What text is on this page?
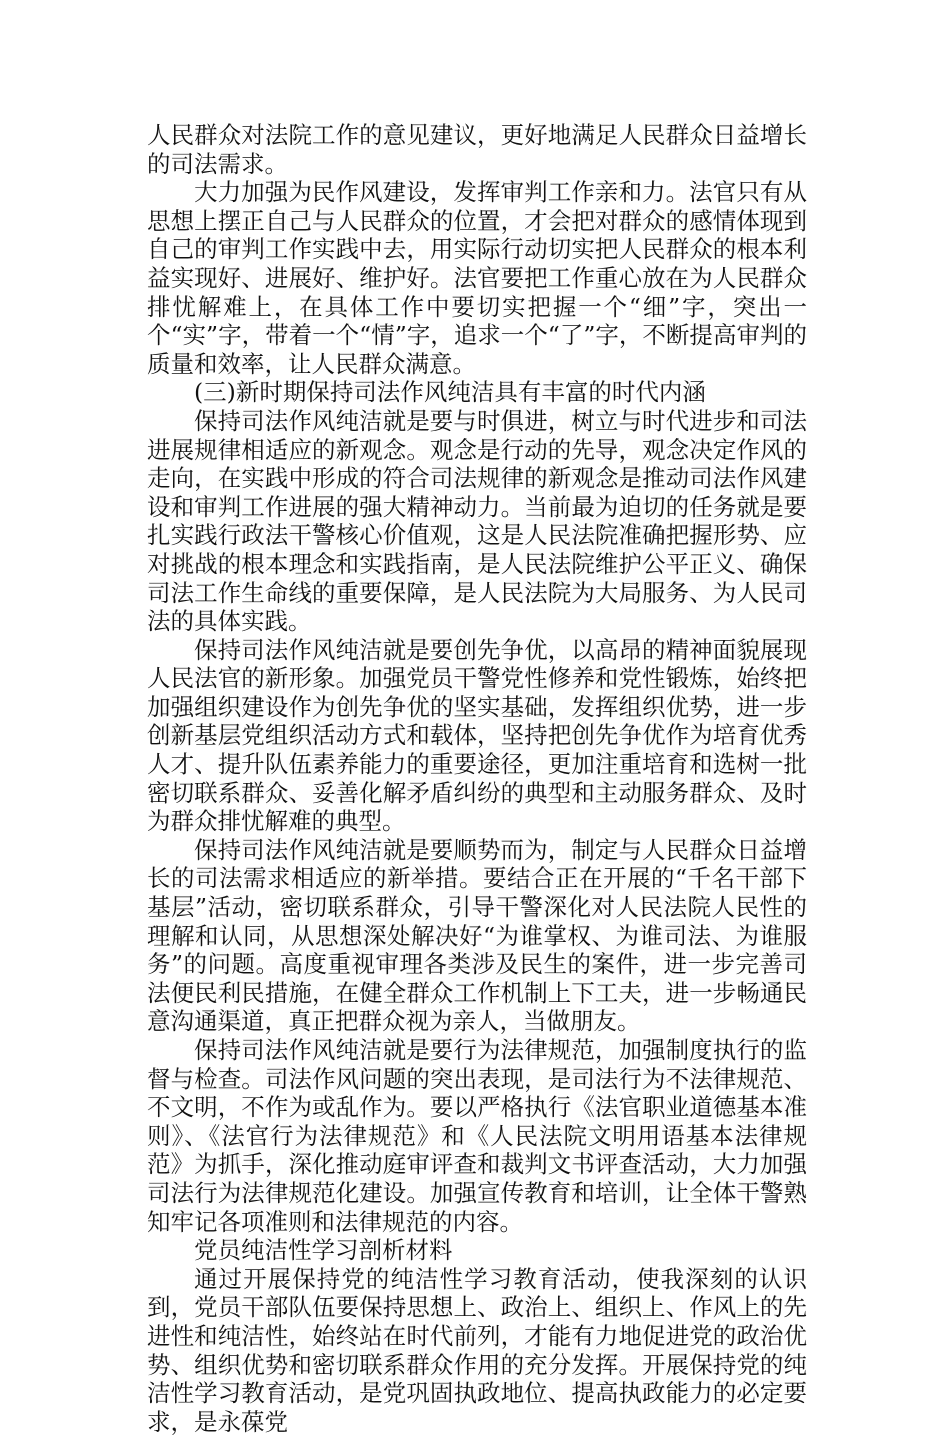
人民群众对法院工作的意见建议，更好地满足人民群众日益增长的司法需求。

大力加强为民作风建设，发挥审判工作亲和力。法官只有从思想上摆正自己与人民群众的位置，才会把对群众的感情体现到自己的审判工作实践中去，用实际行动切实把人民群众的根本利益实现好、进展好、维护好。法官要把工作重心放在为人民群众排忧解难上，在具体工作中要切实把握一个“细”字，突出一个“实”字，带着一个“情”字，追求一个“了”字，不断提高审判的质量和效率，让人民群众满意。

(三)新时期保持司法作风纯洁具有丰富的时代内涵

保持司法作风纯洁就是要与时俱进，树立与时代进步和司法进展规律相适应的新观念。观念是行动的先导，观念决定作风的走向，在实践中形成的符合司法规律的新观念是推动司法作风建设和审判工作进展的强大精神动力。当前最为迫切的任务就是要扎实践行政法干警核心价值观，这是人民法院准确把握形势、应对挑战的根本理念和实践指南，是人民法院维护公平正义、确保司法工作生命线的重要保障，是人民法院为大局服务、为人民司法的具体实践。

保持司法作风纯洁就是要创先争优，以高昂的精神面貌展现人民法官的新形象。加强党员干警党性修养和党性锻炼，始终把加强组织建设作为创先争优的坚实基础，发挥组织优势，进一步创新基层党组织活动方式和载体，坚持把创先争优作为培育优秀人才、提升队伍素养能力的重要途径，更加注重培育和选树一批密切联系群众、妥善化解矛盾纠纷的典型和主动服务群众、及时为群众排忧解难的典型。

保持司法作风纯洁就是要顺势而为，制定与人民群众日益增长的司法需求相适应的新举措。要结合正在开展的“千名干部下基层”活动，密切联系群众，引导干警深化对人民法院人民性的理解和认同，从思想深处解决好“为谁掌权、为谁司法、为谁服务”的问题。高度重视审理各类涉及民生的案件，进一步完善司法便民利民措施，在健全群众工作机制上下工夫，进一步畅通民意沟通渠道，真正把群众视为亲人，当做朋友。

保持司法作风纯洁就是要行为法律规范，加强制度执行的监督与检查。司法作风问题的突出表现，是司法行为不法律规范、不文明，不作为或乱作为。要以严格执行《法官职业道德基本准则》、《法官行为法律规范》和《人民法院文明用语基本法律规范》为抓手，深化推动庭审评查和裁判文书评查活动，大力加强司法行为法律规范化建设。加强宣传教育和培训，让全体干警熟知牢记各项准则和法律规范的内容。

党员纯洁性学习剖析材料

通过开展保持党的纯洁性学习教育活动，使我深刻的认识到，党员干部队伍要保持思想上、政治上、组织上、作风上的先进性和纯洁性，始终站在时代前列，才能有力地促进党的政治优势、组织优势和密切联系群众作用的充分发挥。开展保持党的纯洁性学习教育活动，是党巩固执政地位、提高执政能力的必定要求，是永葆党
